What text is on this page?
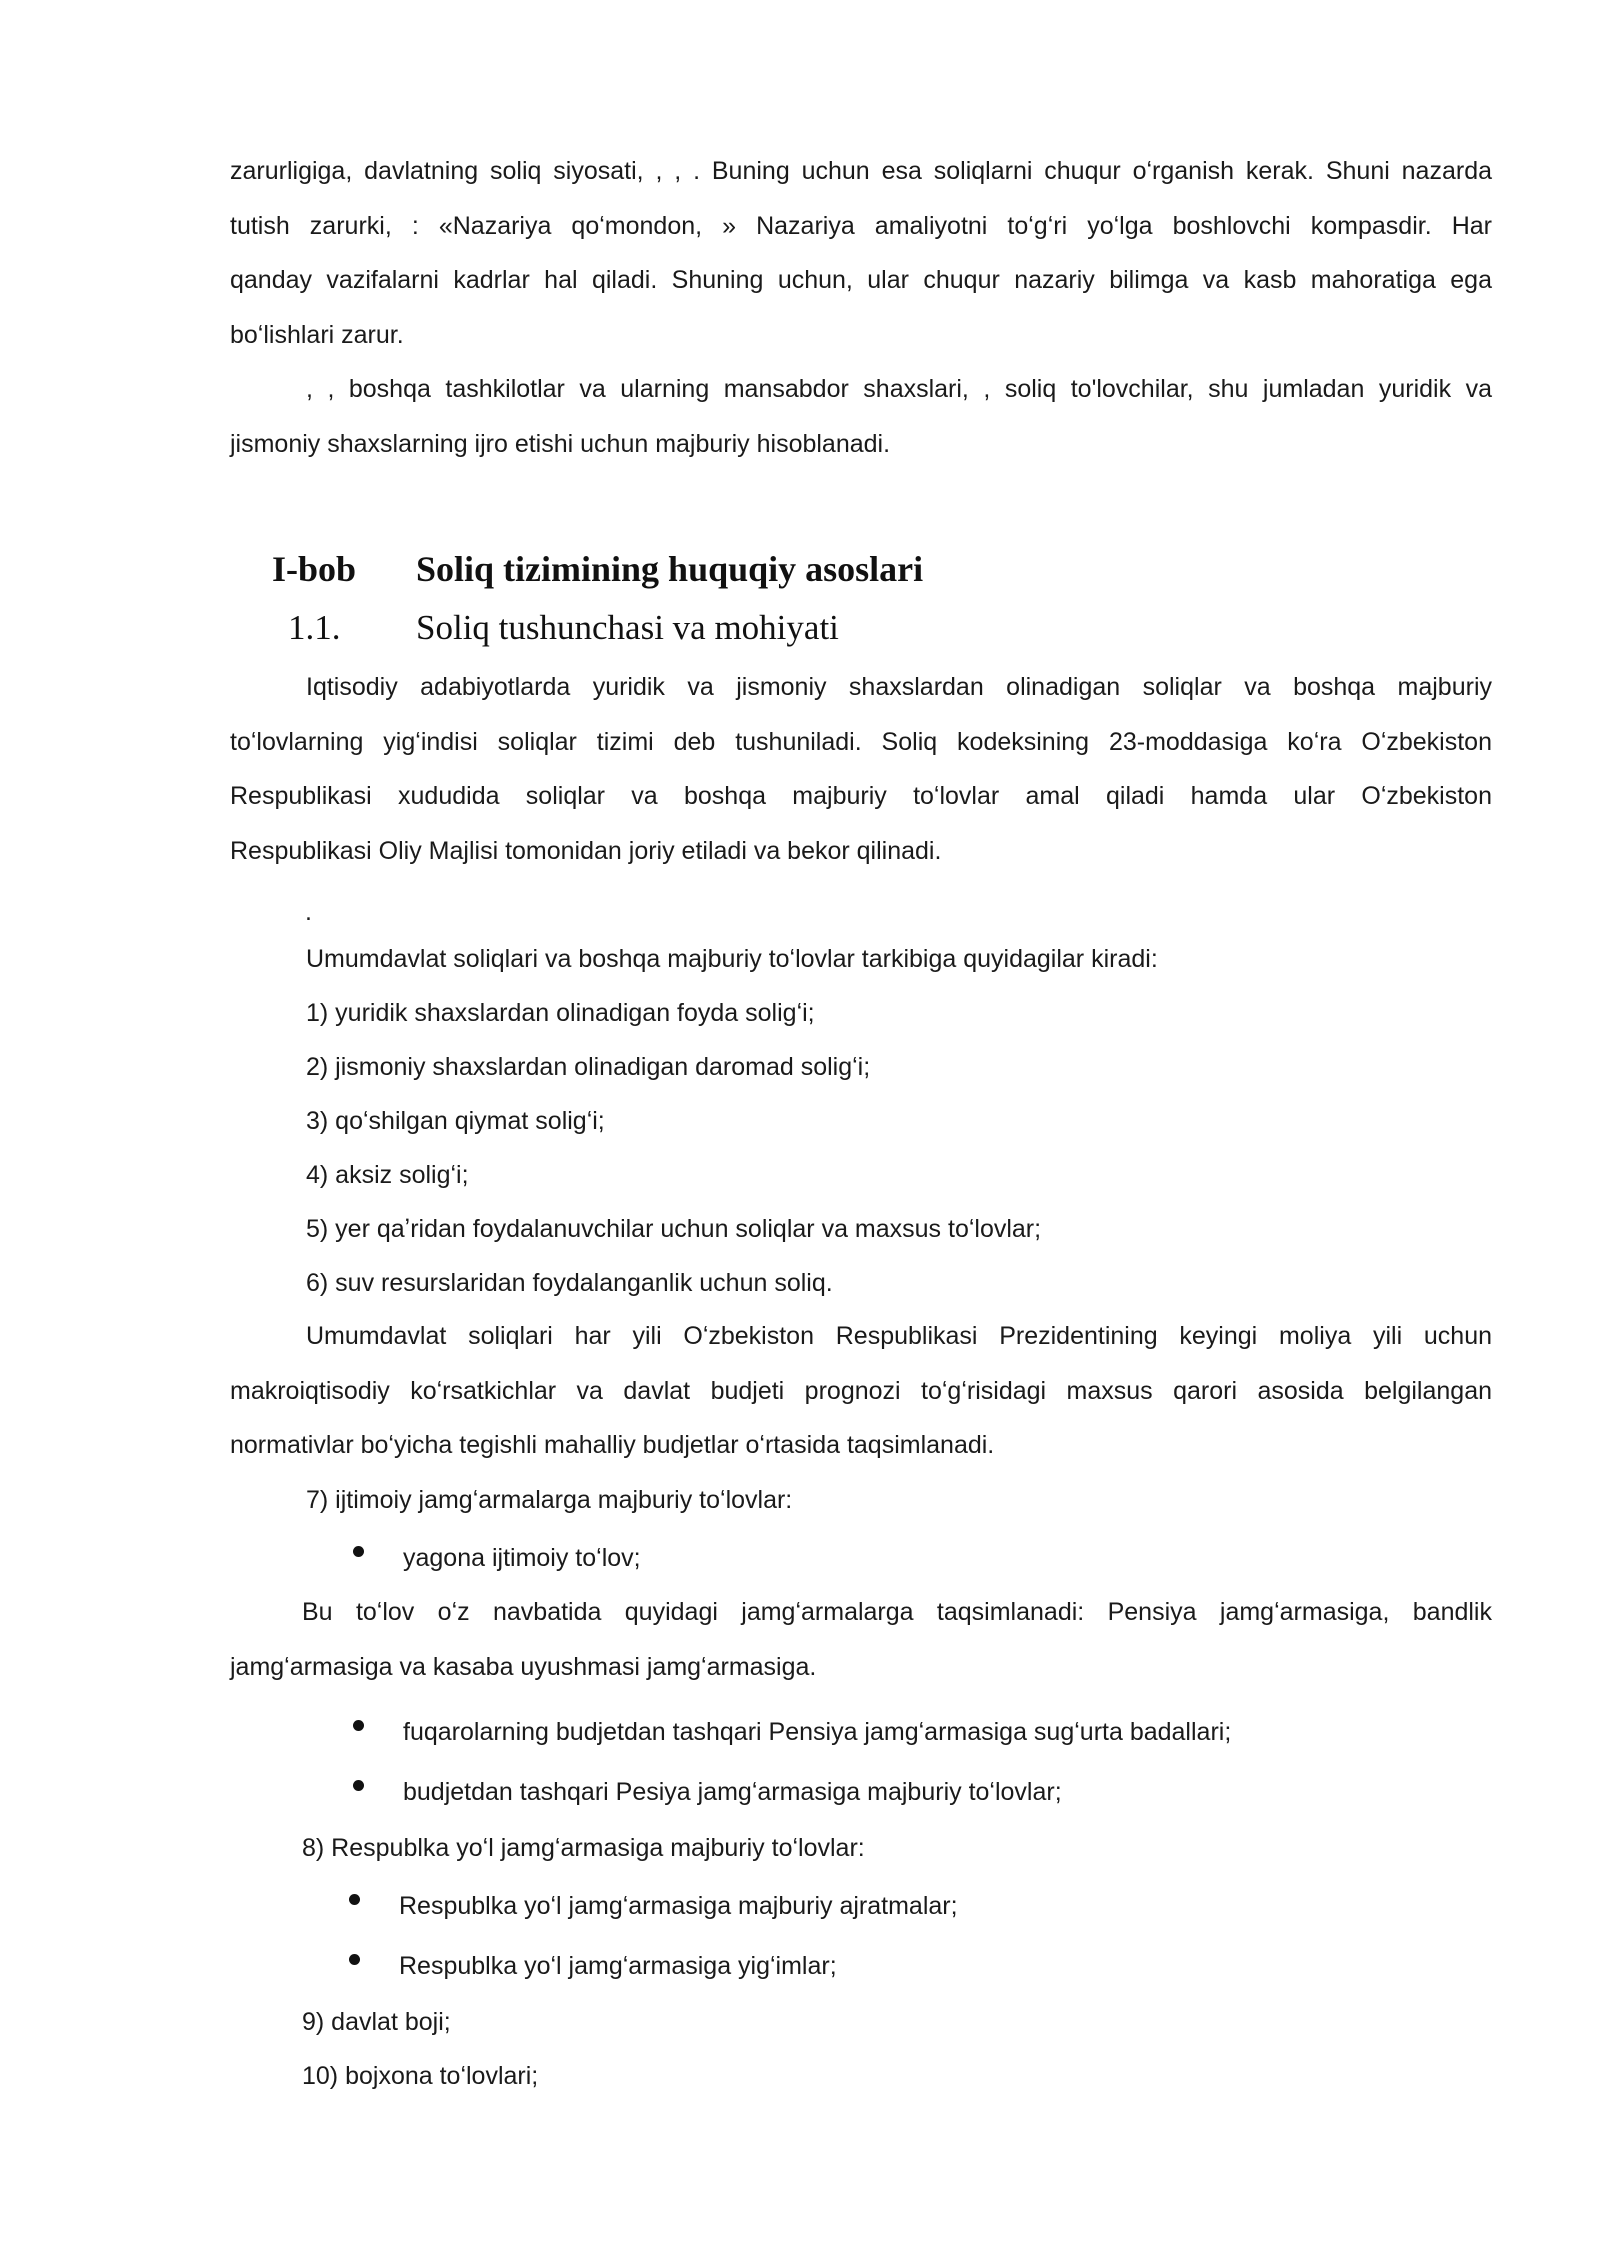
zarurligiga, davlatning soliq siyosati, , , . Buning uchun esa soliqlarni chuqur oʻrganish kerak. Shuni nazarda
tutish zarurki, : «Nazariya qoʻmondon, » Nazariya amaliyotni toʻgʻri yoʻlga boshlovchi kompasdir. Har
qanday vazifalarni kadrlar hal qiladi. Shuning uchun, ular chuqur nazariy bilimga va kasb mahoratiga ega
boʻlishlari zarur.
, , boshqa tashkilotlar va ularning mansabdor shaxslari, , soliq to'lovchilar, shu jumladan yuridik va
jismoniy shaxslarning ijro etishi uchun majburiy hisoblanadi.
I-bob Soliq tizimining huquqiy asoslari
1.1. Soliq tushunchasi va mohiyati
Iqtisodiy adabiyotlarda yuridik va jismoniy shaxslardan olinadigan soliqlar va boshqa majburiy
toʻlovlarning yigʻindisi soliqlar tizimi deb tushuniladi. Soliq kodeksining 23-moddasiga koʻra Oʻzbekiston
Respublikasi xududida soliqlar va boshqa majburiy toʻlovlar amal qiladi hamda ular Oʻzbekiston
Respublikasi Oliy Majlisi tomonidan joriy etiladi va bekor qilinadi.
.
Umumdavlat soliqlari va boshqa majburiy toʻlovlar tarkibiga quyidagilar kiradi:
1) yuridik shaxslardan olinadigan foyda soligʻi;
2) jismoniy shaxslardan olinadigan daromad soligʻi;
3) qoʻshilgan qiymat soligʻi;
4) aksiz soligʻi;
5) yer qaʼridan foydalanuvchilar uchun soliqlar va maxsus toʻlovlar;
6) suv resurslaridan foydalanganlik uchun soliq.
Umumdavlat soliqlari har yili Oʻzbekiston Respublikasi Prezidentining keyingi moliya yili uchun
makroiqtisodiy koʻrsatkichlar va davlat budjeti prognozi toʻgʻrisidagi maxsus qarori asosida belgilangan
normativlar boʻyicha tegishli mahalliy budjetlar oʻrtasida taqsimlanadi.
7) ijtimoiy jamgʻarmalarga majburiy toʻlovlar:
yagona ijtimoiy toʻlov;
Bu toʻlov oʻz navbatida quyidagi jamgʻarmalarga taqsimlanadi: Pensiya jamgʻarmasiga, bandlik
jamgʻarmasiga va kasaba uyushmasi jamgʻarmasiga.
fuqarolarning budjetdan tashqari Pensiya jamgʻarmasiga sugʻurta badallari;
budjetdan tashqari Pesiya jamgʻarmasiga majburiy toʻlovlar;
8) Respublka yoʻl jamgʻarmasiga majburiy toʻlovlar:
Respublka yoʻl jamgʻarmasiga majburiy ajratmalar;
Respublka yoʻl jamgʻarmasiga yigʻimlar;
9) davlat boji;
10) bojxona toʻlovlari;
